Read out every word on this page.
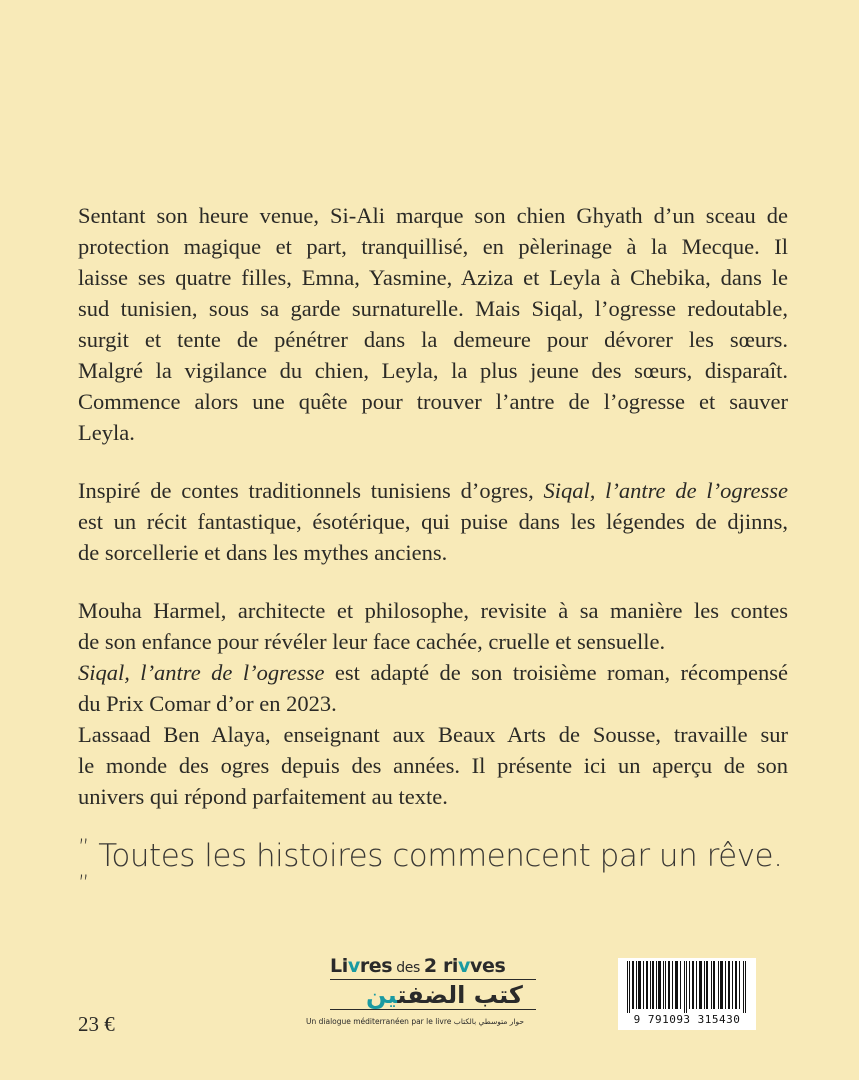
Sentant son heure venue, Si-Ali marque son chien Ghyath d’un sceau de
protection magique et part, tranquillisé, en pèlerinage à la Mecque. Il
laisse ses quatre filles, Emna, Yasmine, Aziza et Leyla à Chebika, dans le
sud tunisien, sous sa garde surnaturelle. Mais Siqal, l’ogresse redoutable,
surgit et tente de pénétrer dans la demeure pour dévorer les sœurs.
Malgré la vigilance du chien, Leyla, la plus jeune des sœurs, disparaît.
Commence alors une quête pour trouver l’antre de l’ogresse et sauver
Leyla.

Inspiré de contes traditionnels tunisiens d’ogres, Siqal, l’antre de l’ogresse
est un récit fantastique, ésotérique, qui puise dans les légendes de djinns,
de sorcellerie et dans les mythes anciens.

Mouha Harmel, architecte et philosophe, revisite à sa manière les contes
de son enfance pour révéler leur face cachée, cruelle et sensuelle.
Siqal, l’antre de l’ogresse est adapté de son troisième roman, récompensé
du Prix Comar d’or en 2023.
Lassaad Ben Alaya, enseignant aux Beaux Arts de Sousse, travaille sur
le monde des ogres depuis des années. Il présente ici un aperçu de son
univers qui répond parfaitement au texte.

” Toutes les histoires commencent par un rêve. ”
23 €
Livres des 2 rivves
كتب الضفتين
Un dialogue méditerranéen par le livre حوار متوسطي بالكتاب	9 791093 315430
